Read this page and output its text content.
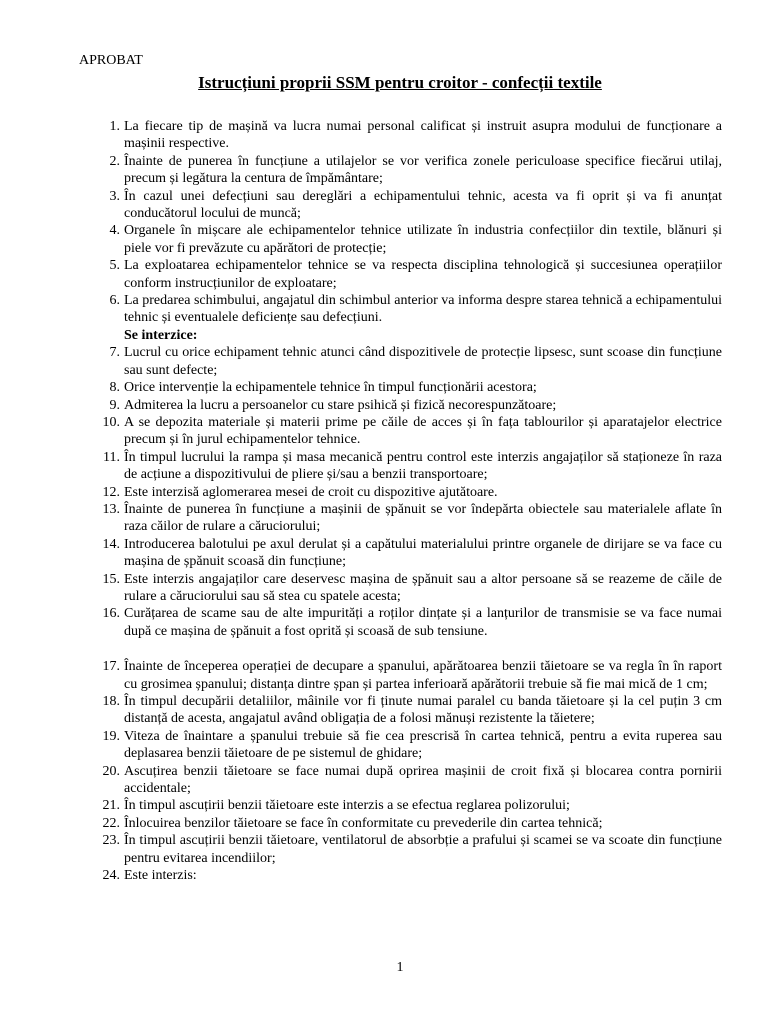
APROBAT
Istrucțiuni proprii SSM pentru croitor - confecții textile
1. La fiecare tip de mașină va lucra numai personal calificat și instruit asupra modului de funcționare a mașinii respective.
2. Înainte de punerea în funcțiune a utilajelor se vor verifica zonele periculoase specifice fiecărui utilaj, precum și legătura la centura de împământare;
3. În cazul unei defecțiuni sau dereglări a echipamentului tehnic, acesta va fi oprit și va fi anunțat conducătorul locului de muncă;
4. Organele în mișcare ale echipamentelor tehnice utilizate în industria confecțiilor din textile, blănuri și piele vor fi prevăzute cu apărători de protecție;
5. La exploatarea echipamentelor tehnice se va respecta disciplina tehnologică și succesiunea operațiilor conform instrucțiunilor de exploatare;
6. La predarea schimbului, angajatul din schimbul anterior va informa despre starea tehnică a echipamentului tehnic și eventualele deficiențe sau defecțiuni.
Se interzice:
7. Lucrul cu orice echipament tehnic atunci când dispozitivele de protecție lipsesc, sunt scoase din funcțiune sau sunt defecte;
8. Orice intervenție la echipamentele tehnice în timpul funcționării acestora;
9. Admiterea la lucru a persoanelor cu stare psihică și fizică necorespunzătoare;
10. A se depozita materiale și materii prime pe căile de acces și în fața tablourilor și aparatajelor electrice precum și în jurul echipamentelor tehnice.
11. În timpul lucrului la rampa și masa mecanică pentru control este interzis angajaților să staționeze în raza de acțiune a dispozitivului de pliere și/sau a benzii transportoare;
12. Este interzisă aglomerarea mesei de croit cu dispozitive ajutătoare.
13. Înainte de punerea în funcțiune a mașinii de șpănuit se vor îndepărta obiectele sau materialele aflate în raza căilor de rulare a căruciorului;
14. Introducerea balotului pe axul derulat și a capătului materialului printre organele de dirijare se va face cu mașina de șpănuit scoasă din funcțiune;
15. Este interzis angajaților care deservesc mașina de șpănuit sau a altor persoane să se reazeme de căile de rulare a căruciorului sau să stea cu spatele acesta;
16. Curățarea de scame sau de alte impurități a roților dințate și a lanțurilor de transmisie se va face numai după ce mașina de șpănuit a fost oprită și scoasă de sub tensiune.
17. Înainte de începerea operației de decupare a șpanului, apărătoarea benzii tăietoare se va regla în în raport cu grosimea șpanului; distanța dintre șpan și partea inferioară apărătorii trebuie să fie mai mică de 1 cm;
18. În timpul decupării detaliilor, mâinile vor fi ținute numai paralel cu banda tăietoare și la cel puțin 3 cm distanță de acesta, angajatul având obligația de a folosi mănuși rezistente la tăietere;
19. Viteza de înaintare a șpanului trebuie să fie cea prescrisă în cartea tehnică, pentru a evita ruperea sau deplasarea benzii tăietoare de pe sistemul de ghidare;
20. Ascuțirea benzii tăietoare se face numai după oprirea mașinii de croit fixă și blocarea contra pornirii accidentale;
21. În timpul ascuțirii benzii tăietoare este interzis a se efectua reglarea polizorului;
22. Înlocuirea benzilor tăietoare se face în conformitate cu prevederile din cartea tehnică;
23. În timpul ascuțirii benzii tăietoare, ventilatorul de absorbție a prafului și scamei se va scoate din funcțiune pentru evitarea incendiilor;
24. Este interzis:
1
